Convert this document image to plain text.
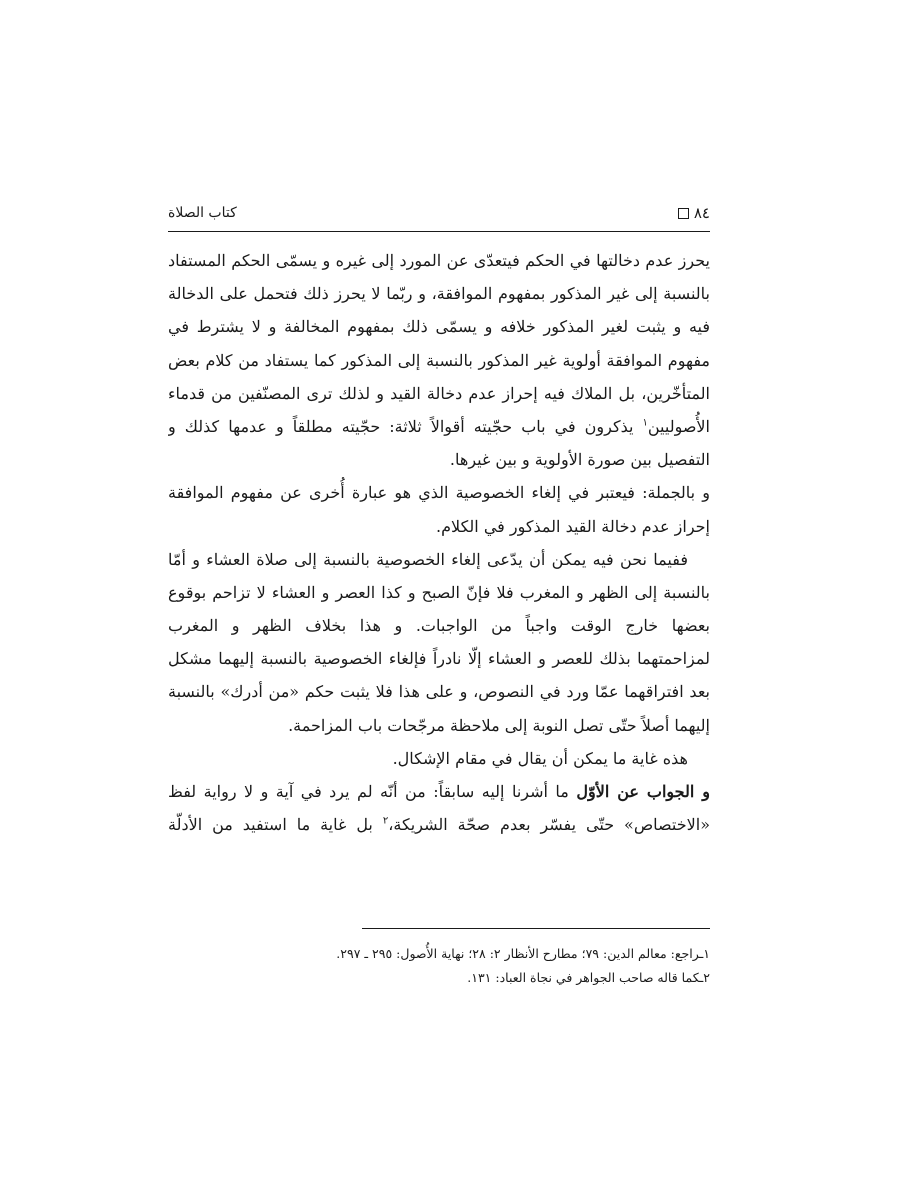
٨٤
كتاب الصلاة
يحرز عدم دخالتها في الحكم فيتعدّى عن المورد إلى غيره و يسمّى الحكم المستفاد
بالنسبة إلى غير المذكور بمفهوم الموافقة، و ربّما لا يحرز ذلك فتحمل على الدخالة
فيه و يثبت لغير المذكور خلافه و يسمّى ذلك بمفهوم المخالفة و لا يشترط في
مفهوم الموافقة أولوية غير المذكور بالنسبة إلى المذكور كما يستفاد من كلام بعض
المتأخّرين، بل الملاك فيه إحراز عدم دخالة القيد و لذلك ترى المصنّفين من قدماء
الأُصوليين$^١$ يذكرون في باب حجّيته أقوالاً ثلاثة: حجّيته مطلقاً و عدمها كذلك و
التفصيل بين صورة الأولوية و بين غيرها.
و بالجملة: فيعتبر في إلغاء الخصوصية الذي هو عبارة أُخرى عن مفهوم الموافقة
إحراز عدم دخالة القيد المذكور في الكلام.
ففيما نحن فيه يمكن أن يدّعى إلغاء الخصوصية بالنسبة إلى صلاة العشاء و أمّا
بالنسبة إلى الظهر و المغرب فلا فإنّ الصبح و كذا العصر و العشاء لا تزاحم بوقوع
بعضها خارج الوقت واجباً من الواجبات. و هذا بخلاف الظهر و المغرب
لمزاحمتهما بذلك للعصر و العشاء إلّا نادراً فإلغاء الخصوصية بالنسبة إليهما مشكل
بعد افتراقهما عمّا ورد في النصوص، و على هذا فلا يثبت حكم «من أدرك» بالنسبة
إليهما أصلاً حتّى تصل النوبة إلى ملاحظة مرجّحات باب المزاحمة.
هذه غاية ما يمكن أن يقال في مقام الإشكال.
و الجواب عن الأوّل ما أشرنا إليه سابقاً: من أنّه لم يرد في آية و لا رواية لفظ
«الاختصاص» حتّى يفسّر بعدم صحّة الشريكة،$^٢$ بل غاية ما استفيد من الأدلّة
١ـراجع: معالم الدين: ٧٩؛ مطارح الأنظار ٢: ٢٨؛ نهاية الأُصول: ٢٩٥ ـ ٢٩٧.
٢ـكما قاله صاحب الجواهر في نجاة العباد: ١٣١.
